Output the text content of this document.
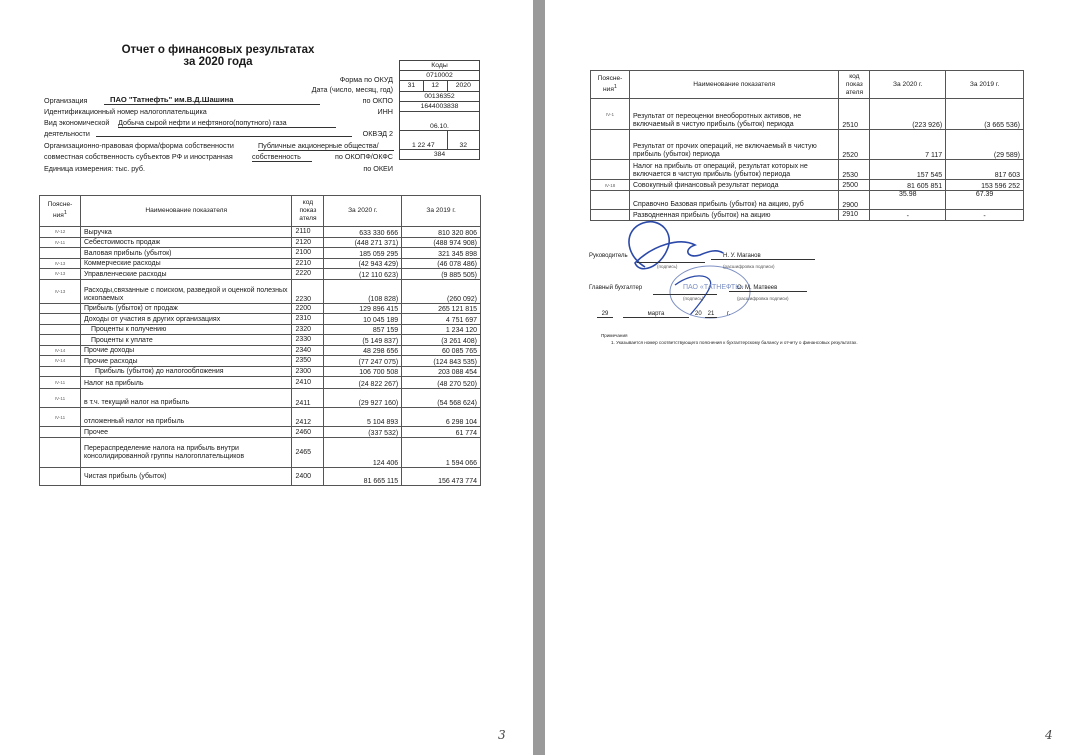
Отчет о финансовых результатах
за 2020 года	Коды		
0710002		
31	12	2020
00136352		
1644003838		
06.10.		
1 22 47		32
384		
Форма по ОКУД
Дата (число, месяц, год)
Организация	ПАО "Татнефть" им.В.Д.Шашина	по ОКПО
Идентификационный номер налогоплательщика	ИНН
Вид экономической Добыча сырой нефти и нефтяного(попутного) газа
деятельности	ОКВЭД 2
Организационно-правовая форма/форма собственности	Публичные акционерные общества/
совместная собственность субъектов РФ и иностранная	собственность	по ОКОПФ/ОКФС
Единица измерения: тыс. руб.	по ОКЕИ
Поясне-ния$^1$	Наименование показателя	код показ ателя	За 2020 г.	За 2019 г.
IV-12	Выручка	2110	633 330 666	810 320 806
IV-11	Себестоимость продаж	2120	(448 271 371)	(488 974 908)
	Валовая прибыль (убыток)	2100	185 059 295	321 345 898
IV-13	Коммерческие расходы	2210	(42 943 429)	(46 078 486)
IV-13	Управленческие расходы	2220	(12 110 623)	(9 885 505)
IV-13	Расходы,связанные с поиском, разведкой и оценкой полезных ископаемых	2230	(108 828)	(260 092)
	Прибыль (убыток) от продаж	2200	129 896 415	265 121 815
	Доходы от участия в других организациях	2310	10 045 189	4 751 697
	Проценты к получению	2320	857 159	1 234 120
	Проценты к уплате	2330	(5 149 837)	(3 261 408)
IV-14	Прочие доходы	2340	48 298 656	60 085 765
IV-14	Прочие расходы	2350	(77 247 075)	(124 843 535)
	Прибыль (убыток) до налогообложения	2300	106 700 508	203 088 454
IV-11	Налог на прибыль	2410	(24 822 267)	(48 270 520)
IV-11	в т.ч. текущий налог на прибыль	2411	(29 927 160)	(54 568 624)
IV-11	отложенный налог на прибыль	2412	5 104 893	6 298 104
	Прочее	2460	(337 532)	61 774
	Перераспределение налога на прибыль внутри консолидированной группы налогоплательщиков	2465	124 406	1 594 066
	Чистая прибыль (убыток)	2400	81 665 115	156 473 774
3
Поясне-ния$^1$	Наименование показателя	код показ ателя	За 2020 г.	За 2019 г.
IV-1	Результат от переоценки внеоборотных активов, не включаемый в чистую прибыль (убыток) периода	2510	(223 926)	(3 665 536)
	Результат от прочих операций, не включаемый в чистую прибыль (убыток) периода	2520	7 117	(29 589)
	Налог на прибыль от операций, результат которых не включается в чистую прибыль (убыток) периода	2530	157 545	817 603
IV-18	Совокупный финансовый результат периода	2500	81 605 851	153 596 252
	Справочно Базовая прибыль (убыток) на акцию, руб	2900	35.98	67.39
	Разводненная прибыль (убыток) на акцию	2910	-	-
ПАО «ТАТНЕФТЬ»
Руководитель	Н. У. Маганов
(подпись)	(расшифровка подписи)
Главный бухгалтер	О. М. Матвеев
(подпись)	(расшифровка подписи)
29	марта	20 21	г.
Примечания
1. Указывается номер соответствующего пояснения к бухгалтерскому балансу и отчету о финансовых результатах.
4
